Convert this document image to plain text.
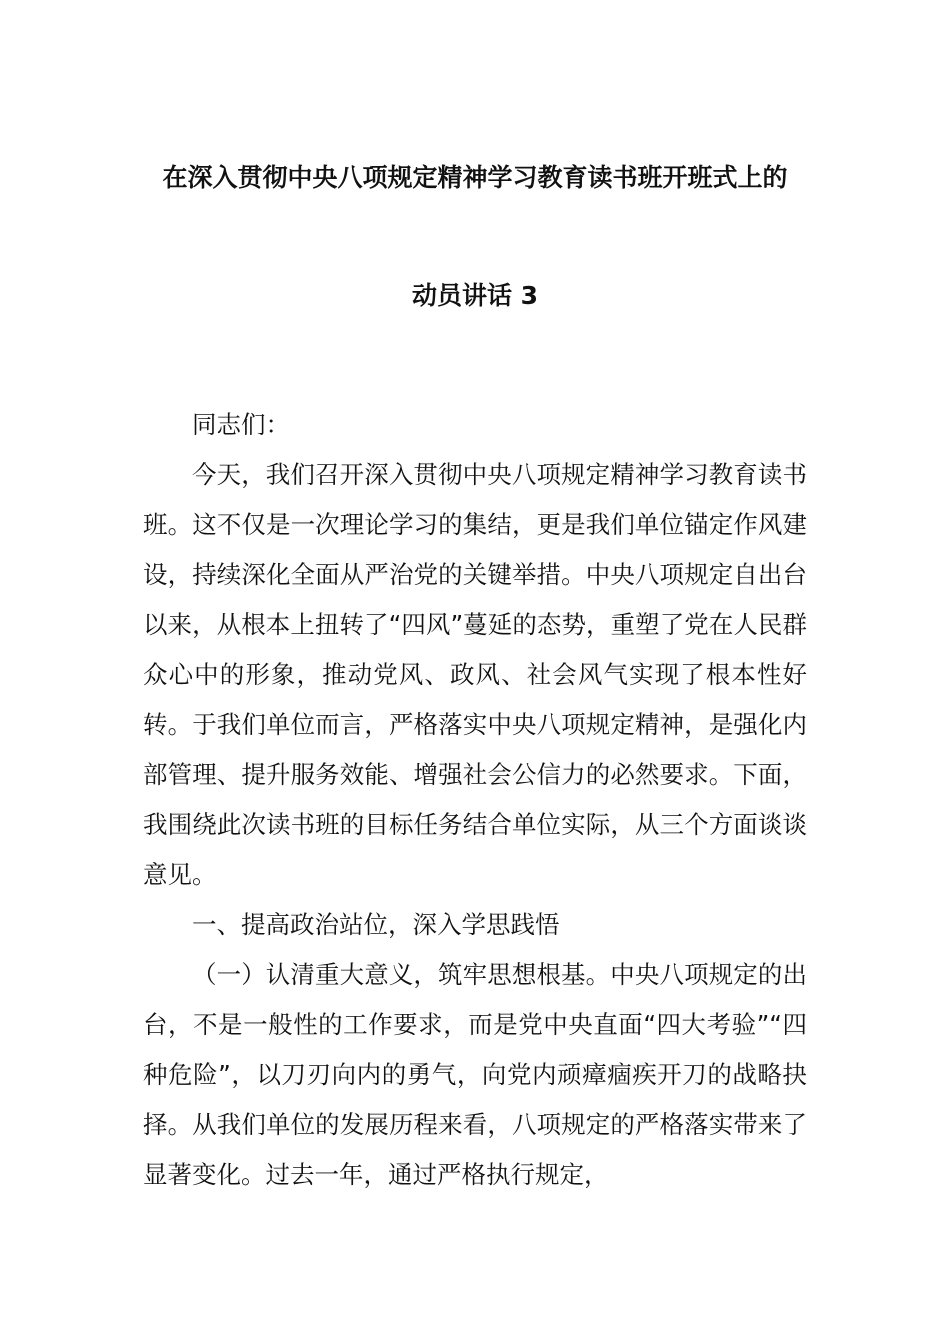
在深入贯彻中央八项规定精神学习教育读书班开班式上的
动员讲话 3

同志们：

今天，我们召开深入贯彻中央八项规定精神学习教育读书班。这不仅是一次理论学习的集结，更是我们单位锚定作风建设，持续深化全面从严治党的关键举措。中央八项规定自出台以来，从根本上扭转了“四风”蔓延的态势，重塑了党在人民群众心中的形象，推动党风、政风、社会风气实现了根本性好转。于我们单位而言，严格落实中央八项规定精神，是强化内部管理、提升服务效能、增强社会公信力的必然要求。下面，我围绕此次读书班的目标任务结合单位实际，从三个方面谈谈意见。

一、提高政治站位，深入学思践悟

（一）认清重大意义，筑牢思想根基。中央八项规定的出台，不是一般性的工作要求，而是党中央直面“四大考验”“四种危险”，以刀刃向内的勇气，向党内顽瘴痼疾开刀的战略抉择。从我们单位的发展历程来看，八项规定的严格落实带来了显著变化。过去一年，通过严格执行规定，
